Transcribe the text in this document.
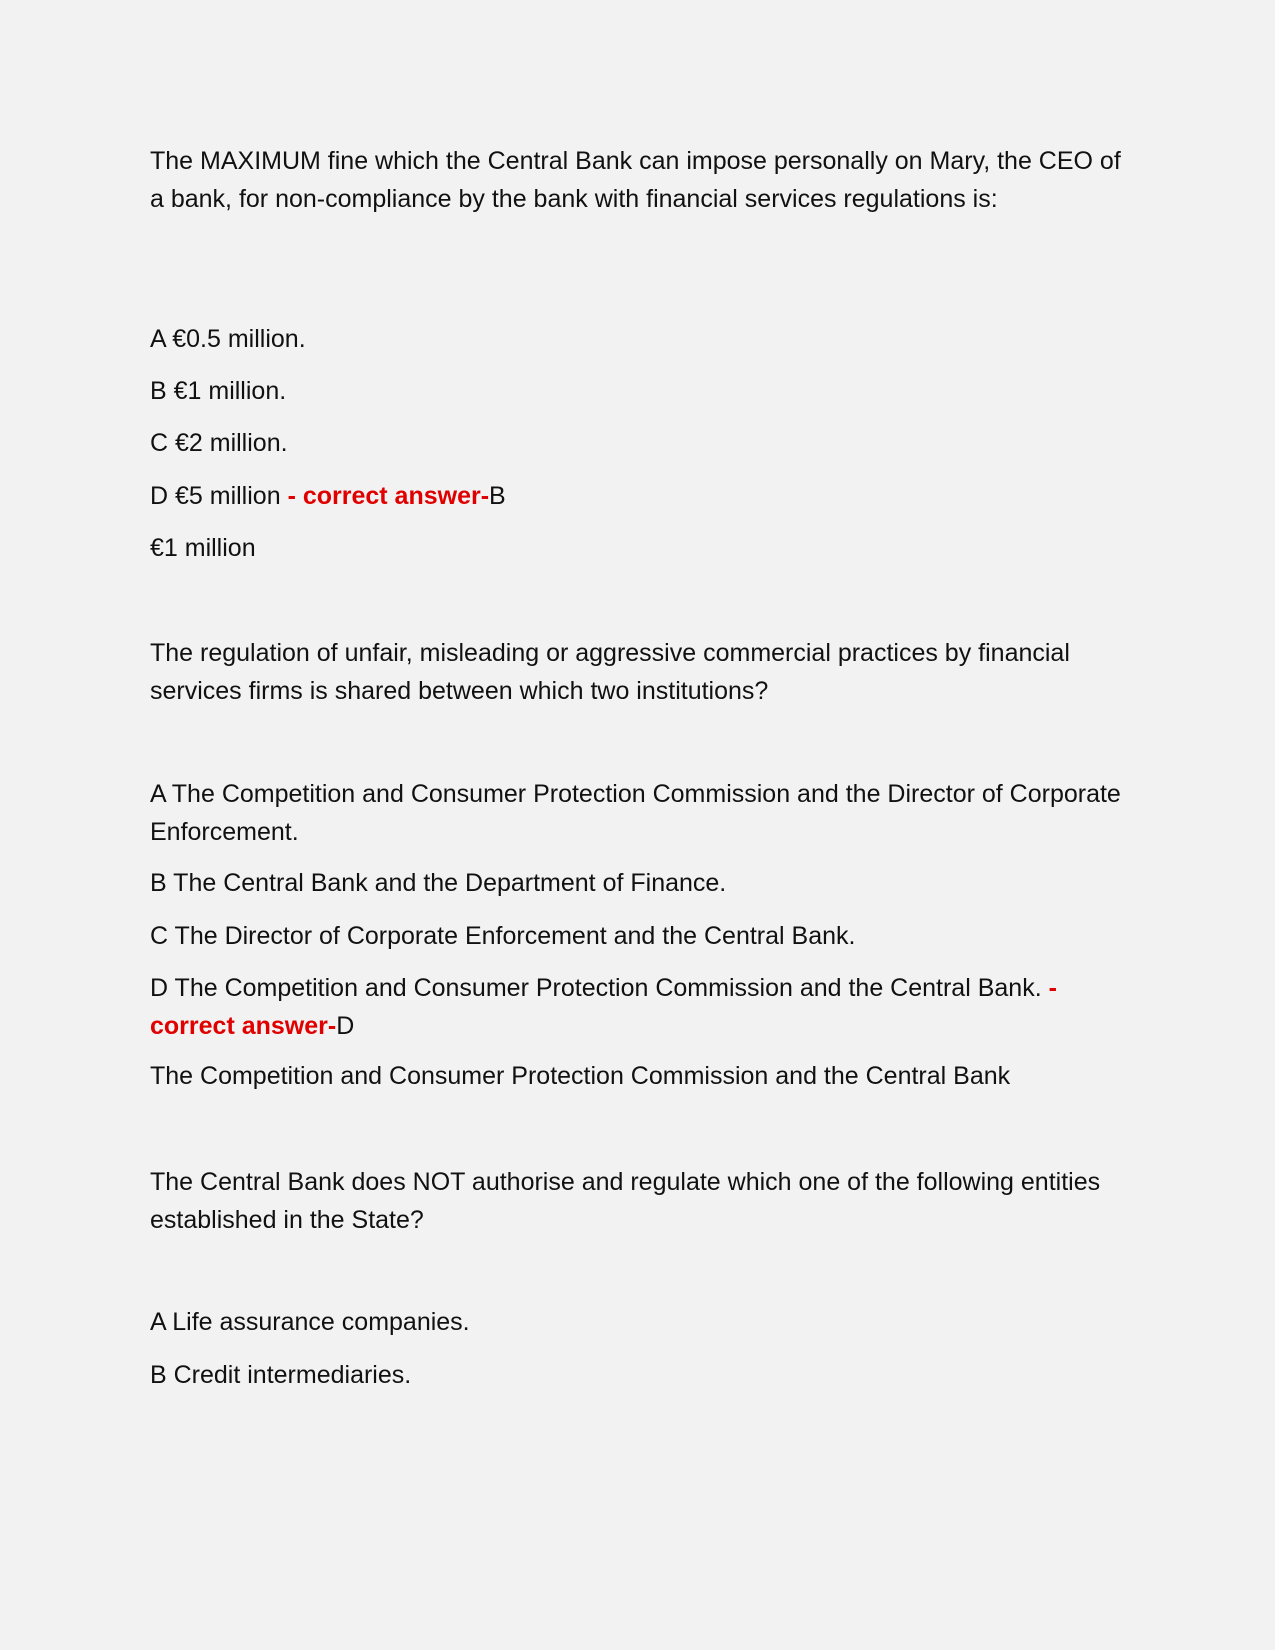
The MAXIMUM fine which the Central Bank can impose personally on Mary, the CEO of a bank, for non-compliance by the bank with financial services regulations is:

A €0.5 million.

B €1 million.

C €2 million.

D €5 million - correct answer-B

€1 million

The regulation of unfair, misleading or aggressive commercial practices by financial services firms is shared between which two institutions?

A The Competition and Consumer Protection Commission and the Director of Corporate Enforcement.

B The Central Bank and the Department of Finance.

C The Director of Corporate Enforcement and the Central Bank.

D The Competition and Consumer Protection Commission and the Central Bank. - correct answer-D

The Competition and Consumer Protection Commission and the Central Bank

The Central Bank does NOT authorise and regulate which one of the following entities established in the State?

A Life assurance companies.

B Credit intermediaries.
